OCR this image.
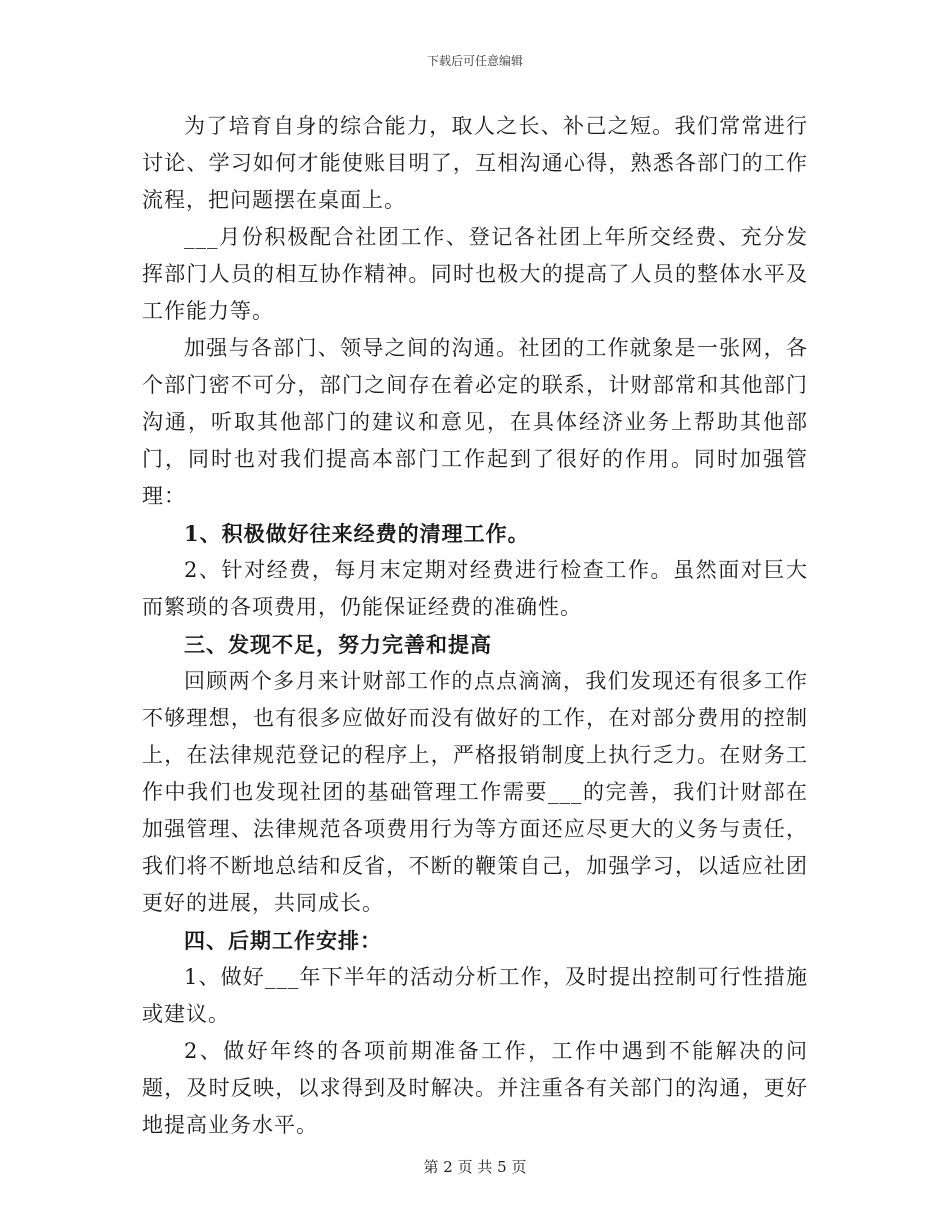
下载后可任意编辑

为了培育自身的综合能力，取人之长、补己之短。我们常常进行讨论、学习如何才能使账目明了，互相沟通心得，熟悉各部门的工作流程，把问题摆在桌面上。

___月份积极配合社团工作、登记各社团上年所交经费、充分发挥部门人员的相互协作精神。同时也极大的提高了人员的整体水平及工作能力等。

加强与各部门、领导之间的沟通。社团的工作就象是一张网，各个部门密不可分，部门之间存在着必定的联系，计财部常和其他部门沟通，听取其他部门的建议和意见，在具体经济业务上帮助其他部门，同时也对我们提高本部门工作起到了很好的作用。同时加强管理：

1、积极做好往来经费的清理工作。

2、针对经费，每月末定期对经费进行检查工作。虽然面对巨大而繁琐的各项费用，仍能保证经费的准确性。

三、发现不足，努力完善和提高

回顾两个多月来计财部工作的点点滴滴，我们发现还有很多工作不够理想，也有很多应做好而没有做好的工作，在对部分费用的控制上，在法律规范登记的程序上，严格报销制度上执行乏力。在财务工作中我们也发现社团的基础管理工作需要___的完善，我们计财部在加强管理、法律规范各项费用行为等方面还应尽更大的义务与责任，我们将不断地总结和反省，不断的鞭策自己，加强学习，以适应社团更好的进展，共同成长。

四、后期工作安排：

1、做好___年下半年的活动分析工作，及时提出控制可行性措施或建议。

2、做好年终的各项前期准备工作，工作中遇到不能解决的问题，及时反映，以求得到及时解决。并注重各有关部门的沟通，更好地提高业务水平。

第 2 页 共 5 页
